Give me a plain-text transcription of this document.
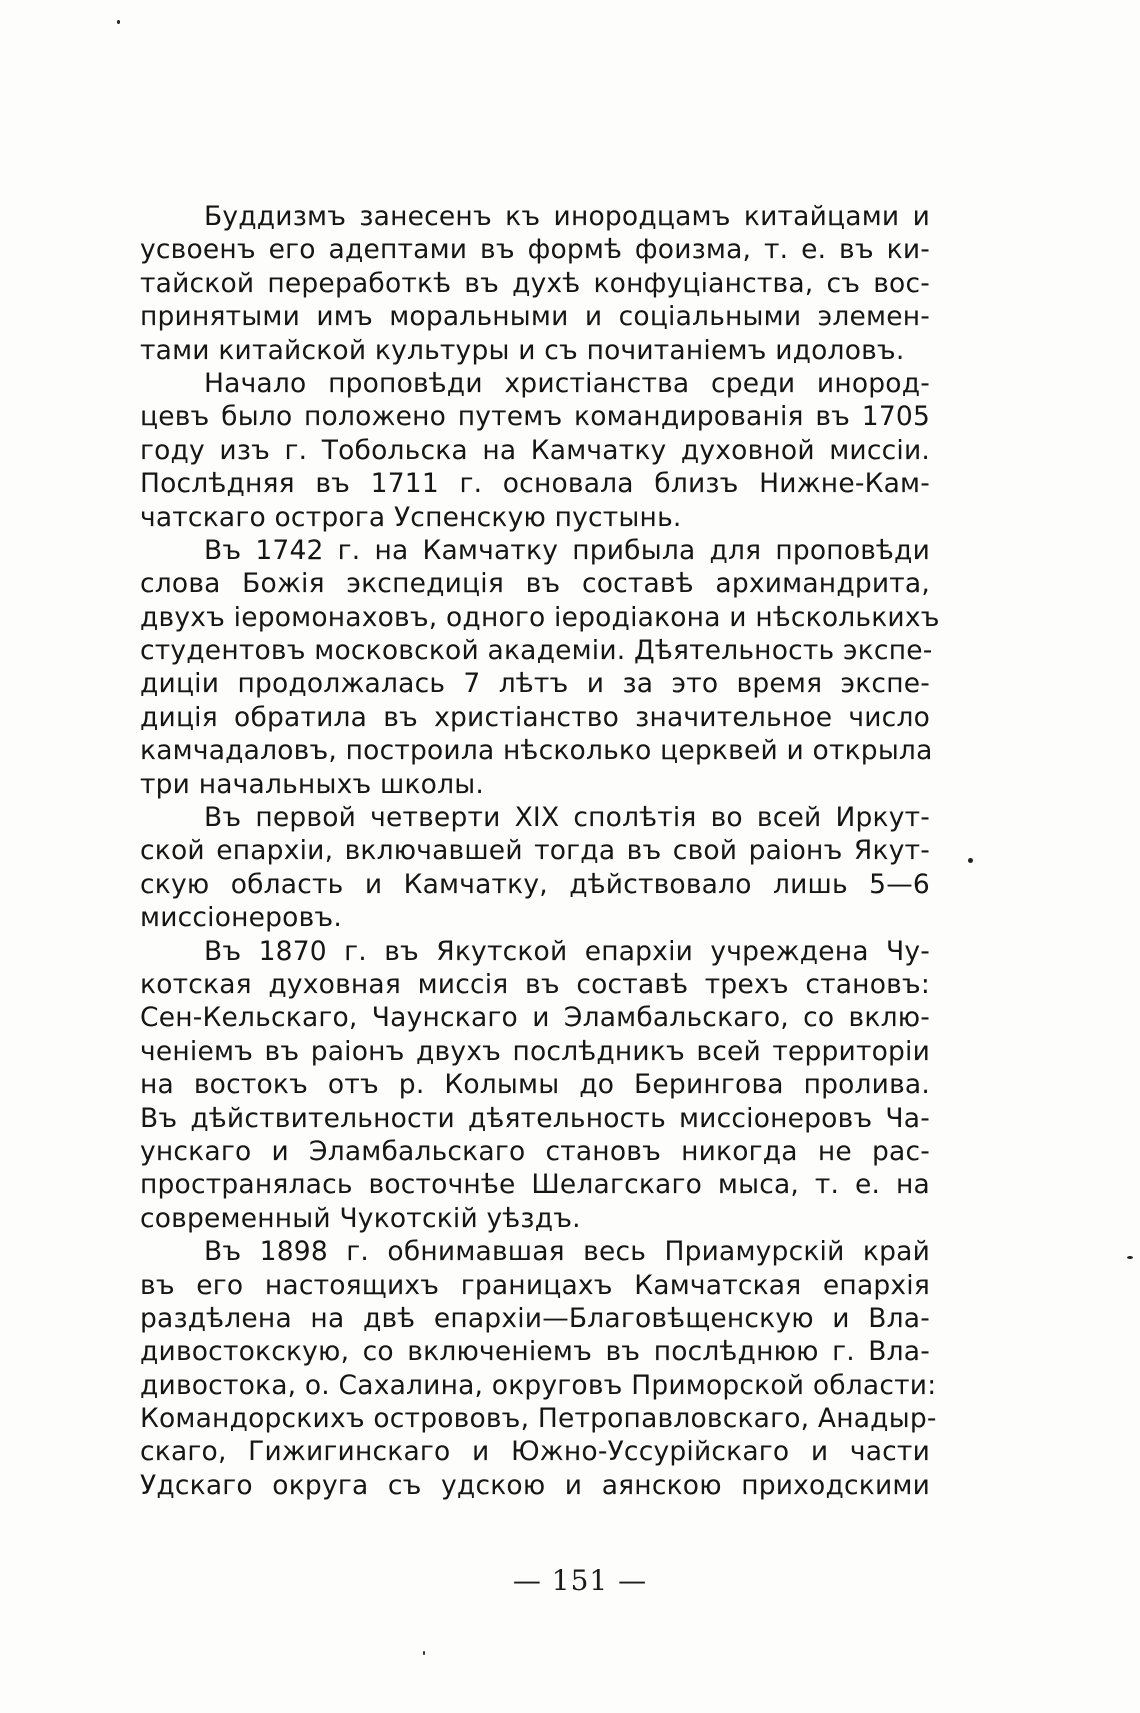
Буддизмъ занесенъ къ инородцамъ китайцами и
усвоенъ его адептами въ формѣ фоизма, т. е. въ ки-
тайской переработкѣ въ духѣ конфуціанства, съ вос-
принятыми имъ моральными и соціальными элемен-
тами китайской культуры и съ почитаніемъ идоловъ.
Начало проповѣди христіанства среди инород-
цевъ было положено путемъ командированія въ 1705
году изъ г. Тобольска на Камчатку духовной миссіи.
Послѣдняя въ 1711 г. основала близъ Нижне-Кам-
чатскаго острога Успенскую пустынь.
Въ 1742 г. на Камчатку прибыла для проповѣди
слова Божія экспедиція въ составѣ архимандрита,
двухъ іеромонаховъ, одного іеродіакона и нѣсколькихъ
студентовъ московской академіи. Дѣятельность экспе-
диціи продолжалась 7 лѣтъ и за это время экспе-
диція обратила въ христіанство значительное число
камчадаловъ, построила нѣсколько церквей и открыла
три начальныхъ школы.
Въ первой четверти XIX сполѣтія во всей Иркут-
ской епархіи, включавшей тогда въ свой раіонъ Якут-
скую область и Камчатку, дѣйствовало лишь 5—6
миссіонеровъ.
Въ 1870 г. въ Якутской епархіи учреждена Чу-
котская духовная миссія въ составѣ трехъ становъ:
Сен-Кельскаго, Чаунскаго и Эламбальскаго, со вклю-
ченіемъ въ раіонъ двухъ послѣдникъ всей территоріи
на востокъ отъ р. Колымы до Берингова пролива.
Въ дѣйствительности дѣятельность миссіонеровъ Ча-
унскаго и Эламбальскаго становъ никогда не рас-
пространялась восточнѣе Шелагскаго мыса, т. е. на
современный Чукотскій уѣздъ.
Въ 1898 г. обнимавшая весь Приамурскій край
въ его настоящихъ границахъ Камчатская епархія
раздѣлена на двѣ епархіи—Благовѣщенскую и Вла-
дивостокскую, со включеніемъ въ послѣднюю г. Вла-
дивостока, о. Сахалина, округовъ Приморской области:
Командорскихъ острововъ, Петропавловскаго, Анадыр-
скаго, Гижигинскаго и Южно-Уссурійскаго и части
Удскаго округа съ удскою и аянскою приходскими
— 151 —
